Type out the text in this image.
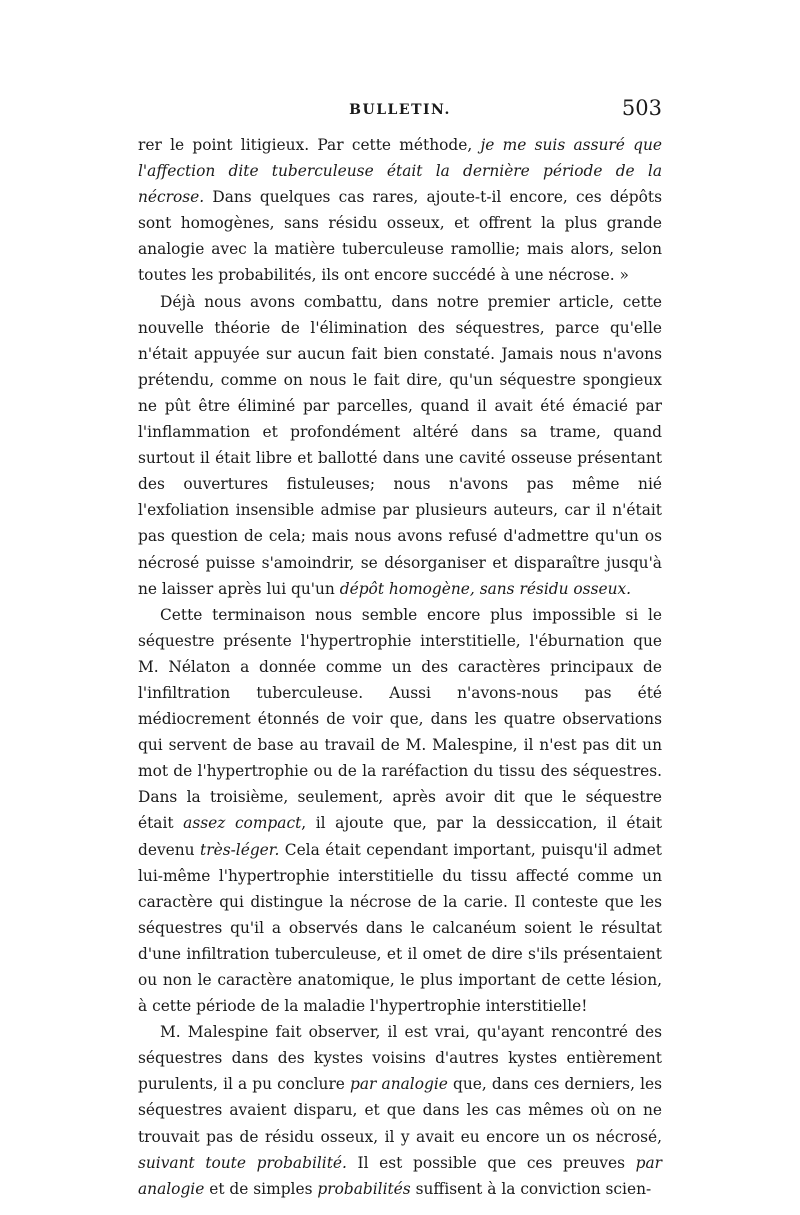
BULLETIN.	503

rer le point litigieux. Par cette méthode, je me suis assuré que l'affection dite tuberculeuse était la dernière période de la nécrose. Dans quelques cas rares, ajoute-t-il encore, ces dépôts sont homogènes, sans résidu osseux, et offrent la plus grande analogie avec la matière tuberculeuse ramollie; mais alors, selon toutes les probabilités, ils ont encore succédé à une nécrose. »

Déjà nous avons combattu, dans notre premier article, cette nouvelle théorie de l'élimination des séquestres, parce qu'elle n'était appuyée sur aucun fait bien constaté. Jamais nous n'avons prétendu, comme on nous le fait dire, qu'un séquestre spongieux ne pût être éliminé par parcelles, quand il avait été émacié par l'inflammation et profondément altéré dans sa trame, quand surtout il était libre et ballotté dans une cavité osseuse présentant des ouvertures fistuleuses; nous n'avons pas même nié l'exfoliation insensible admise par plusieurs auteurs, car il n'était pas question de cela; mais nous avons refusé d'admettre qu'un os nécrosé puisse s'amoindrir, se désorganiser et disparaître jusqu'à ne laisser après lui qu'un dépôt homogène, sans résidu osseux.

Cette terminaison nous semble encore plus impossible si le séquestre présente l'hypertrophie interstitielle, l'éburnation que M. Nélaton a donnée comme un des caractères principaux de l'infiltration tuberculeuse. Aussi n'avons-nous pas été médiocrement étonnés de voir que, dans les quatre observations qui servent de base au travail de M. Malespine, il n'est pas dit un mot de l'hypertrophie ou de la raréfaction du tissu des séquestres. Dans la troisième, seulement, après avoir dit que le séquestre était assez compact, il ajoute que, par la dessiccation, il était devenu très-léger. Cela était cependant important, puisqu'il admet lui-même l'hypertrophie interstitielle du tissu affecté comme un caractère qui distingue la nécrose de la carie. Il conteste que les séquestres qu'il a observés dans le calcanéum soient le résultat d'une infiltration tuberculeuse, et il omet de dire s'ils présentaient ou non le caractère anatomique, le plus important de cette lésion, à cette période de la maladie l'hypertrophie interstitielle!

M. Malespine fait observer, il est vrai, qu'ayant rencontré des séquestres dans des kystes voisins d'autres kystes entièrement purulents, il a pu conclure par analogie que, dans ces derniers, les séquestres avaient disparu, et que dans les cas mêmes où on ne trouvait pas de résidu osseux, il y avait eu encore un os nécrosé, suivant toute probabilité. Il est possible que ces preuves par analogie et de simples probabilités suffisent à la conviction scien-
